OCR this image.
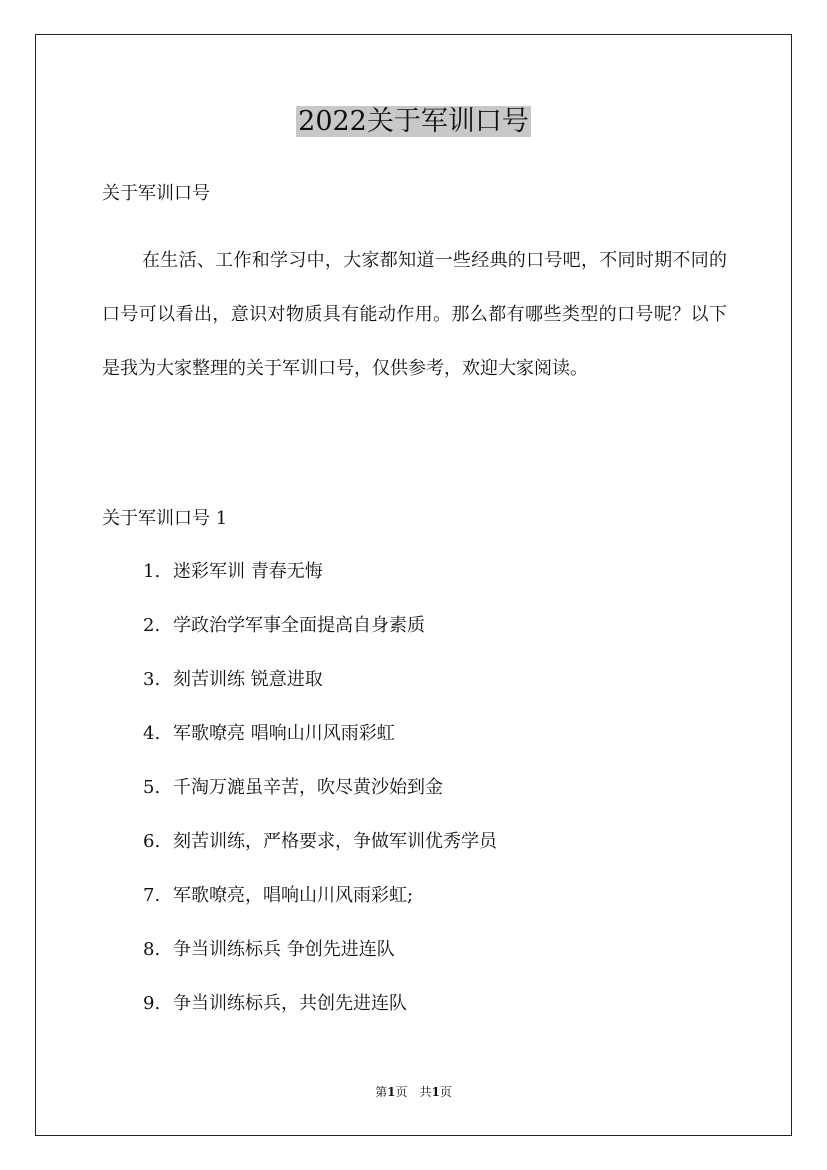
2022关于军训口号
关于军训口号

在生活、工作和学习中，大家都知道一些经典的口号吧，不同时期不同的口号可以看出，意识对物质具有能动作用。那么都有哪些类型的口号呢？以下是我为大家整理的关于军训口号，仅供参考，欢迎大家阅读。

关于军训口号 1
1. 迷彩军训 青春无悔
2. 学政治学军事全面提高自身素质
3. 刻苦训练 锐意进取
4. 军歌嘹亮 唱响山川风雨彩虹
5. 千淘万漉虽辛苦，吹尽黄沙始到金
6. 刻苦训练，严格要求，争做军训优秀学员
7. 军歌嘹亮，唱响山川风雨彩虹;
8. 争当训练标兵 争创先进连队
9. 争当训练标兵，共创先进连队
第1页　共1页
